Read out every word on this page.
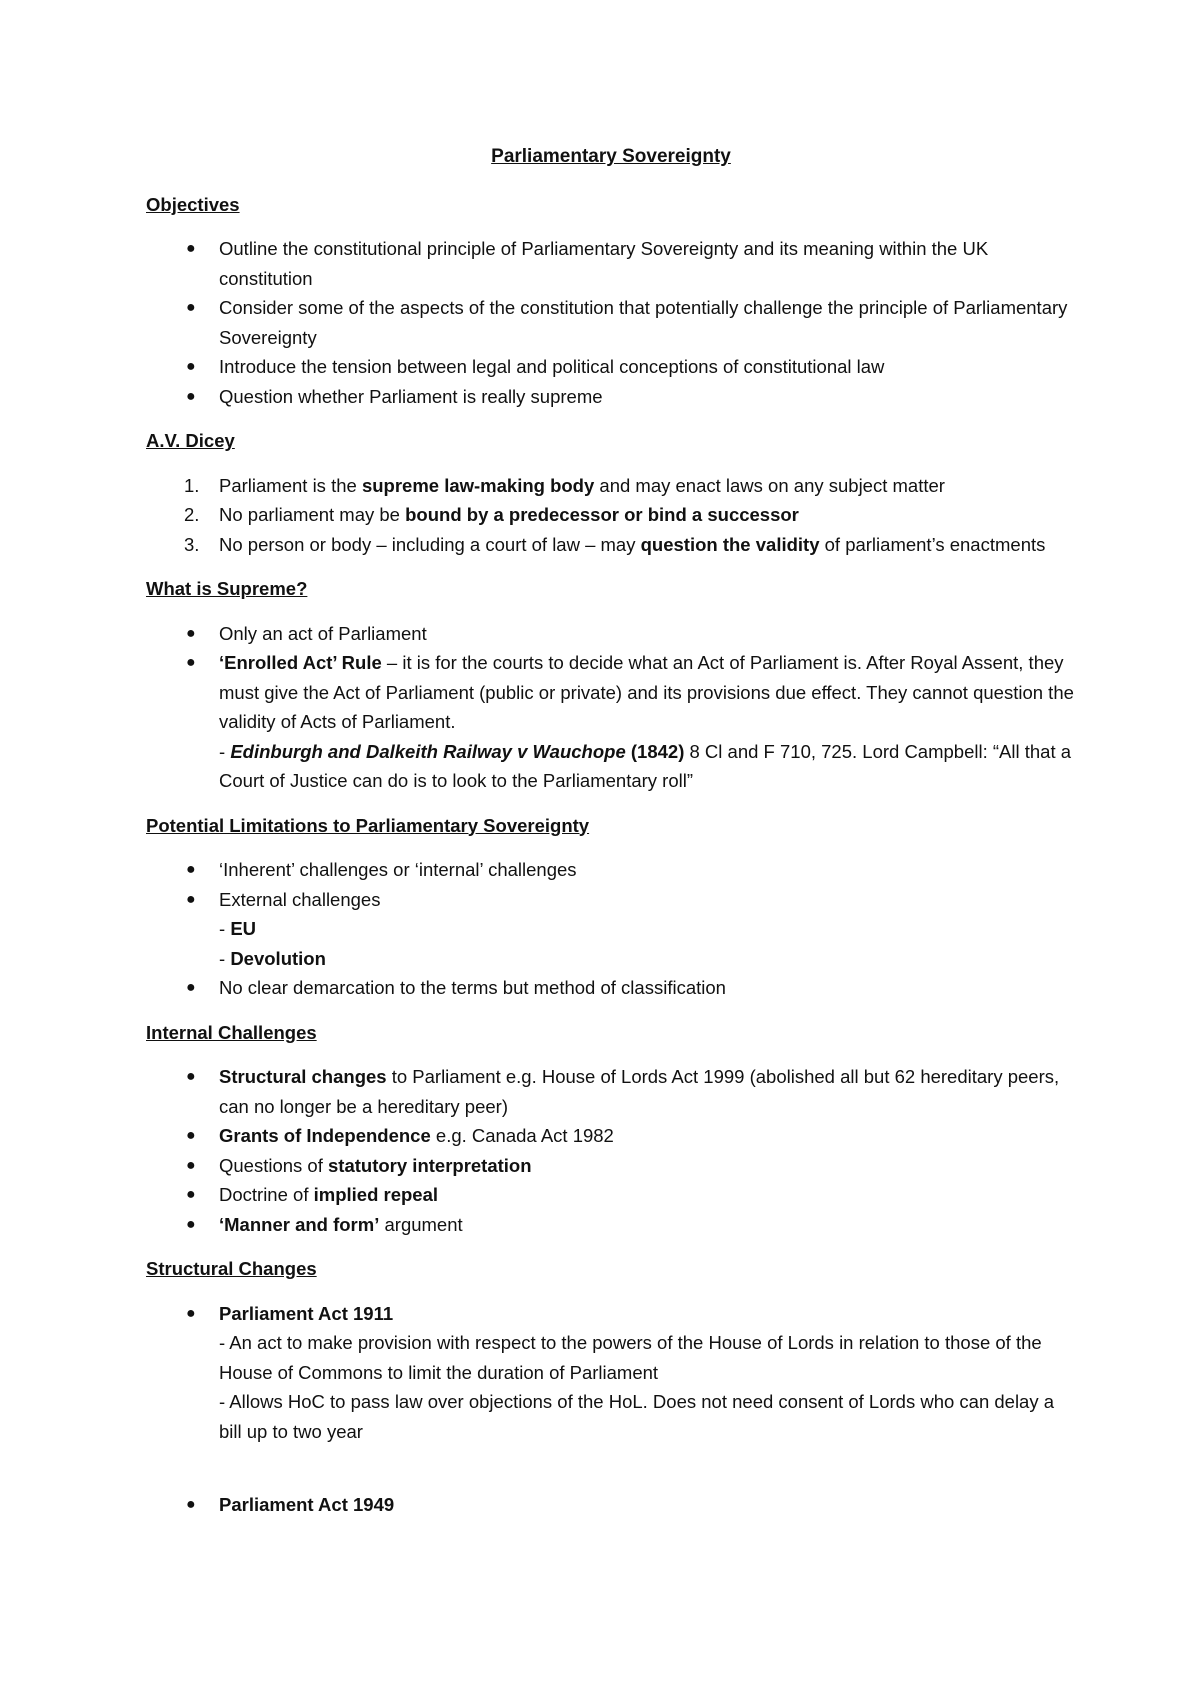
Parliamentary Sovereignty
Objectives
● Outline the constitutional principle of Parliamentary Sovereignty and its meaning within the UK constitution
● Consider some of the aspects of the constitution that potentially challenge the principle of Parliamentary Sovereignty
● Introduce the tension between legal and political conceptions of constitutional law
● Question whether Parliament is really supreme
A.V. Dicey
1. Parliament is the supreme law-making body and may enact laws on any subject matter
2. No parliament may be bound by a predecessor or bind a successor
3. No person or body – including a court of law – may question the validity of parliament’s enactments
What is Supreme?
● Only an act of Parliament
● ‘Enrolled Act’ Rule – it is for the courts to decide what an Act of Parliament is. After Royal Assent, they must give the Act of Parliament (public or private) and its provisions due effect. They cannot question the validity of Acts of Parliament.
- Edinburgh and Dalkeith Railway v Wauchope (1842) 8 Cl and F 710, 725. Lord Campbell: “All that a Court of Justice can do is to look to the Parliamentary roll”
Potential Limitations to Parliamentary Sovereignty
● ‘Inherent’ challenges or ‘internal’ challenges
● External challenges
- EU
- Devolution
● No clear demarcation to the terms but method of classification
Internal Challenges
● Structural changes to Parliament e.g. House of Lords Act 1999 (abolished all but 62 hereditary peers, can no longer be a hereditary peer)
● Grants of Independence e.g. Canada Act 1982
● Questions of statutory interpretation
● Doctrine of implied repeal
● ‘Manner and form’ argument
Structural Changes
● Parliament Act 1911
- An act to make provision with respect to the powers of the House of Lords in relation to those of the House of Commons to limit the duration of Parliament
- Allows HoC to pass law over objections of the HoL. Does not need consent of Lords who can delay a bill up to two year
● Parliament Act 1949
